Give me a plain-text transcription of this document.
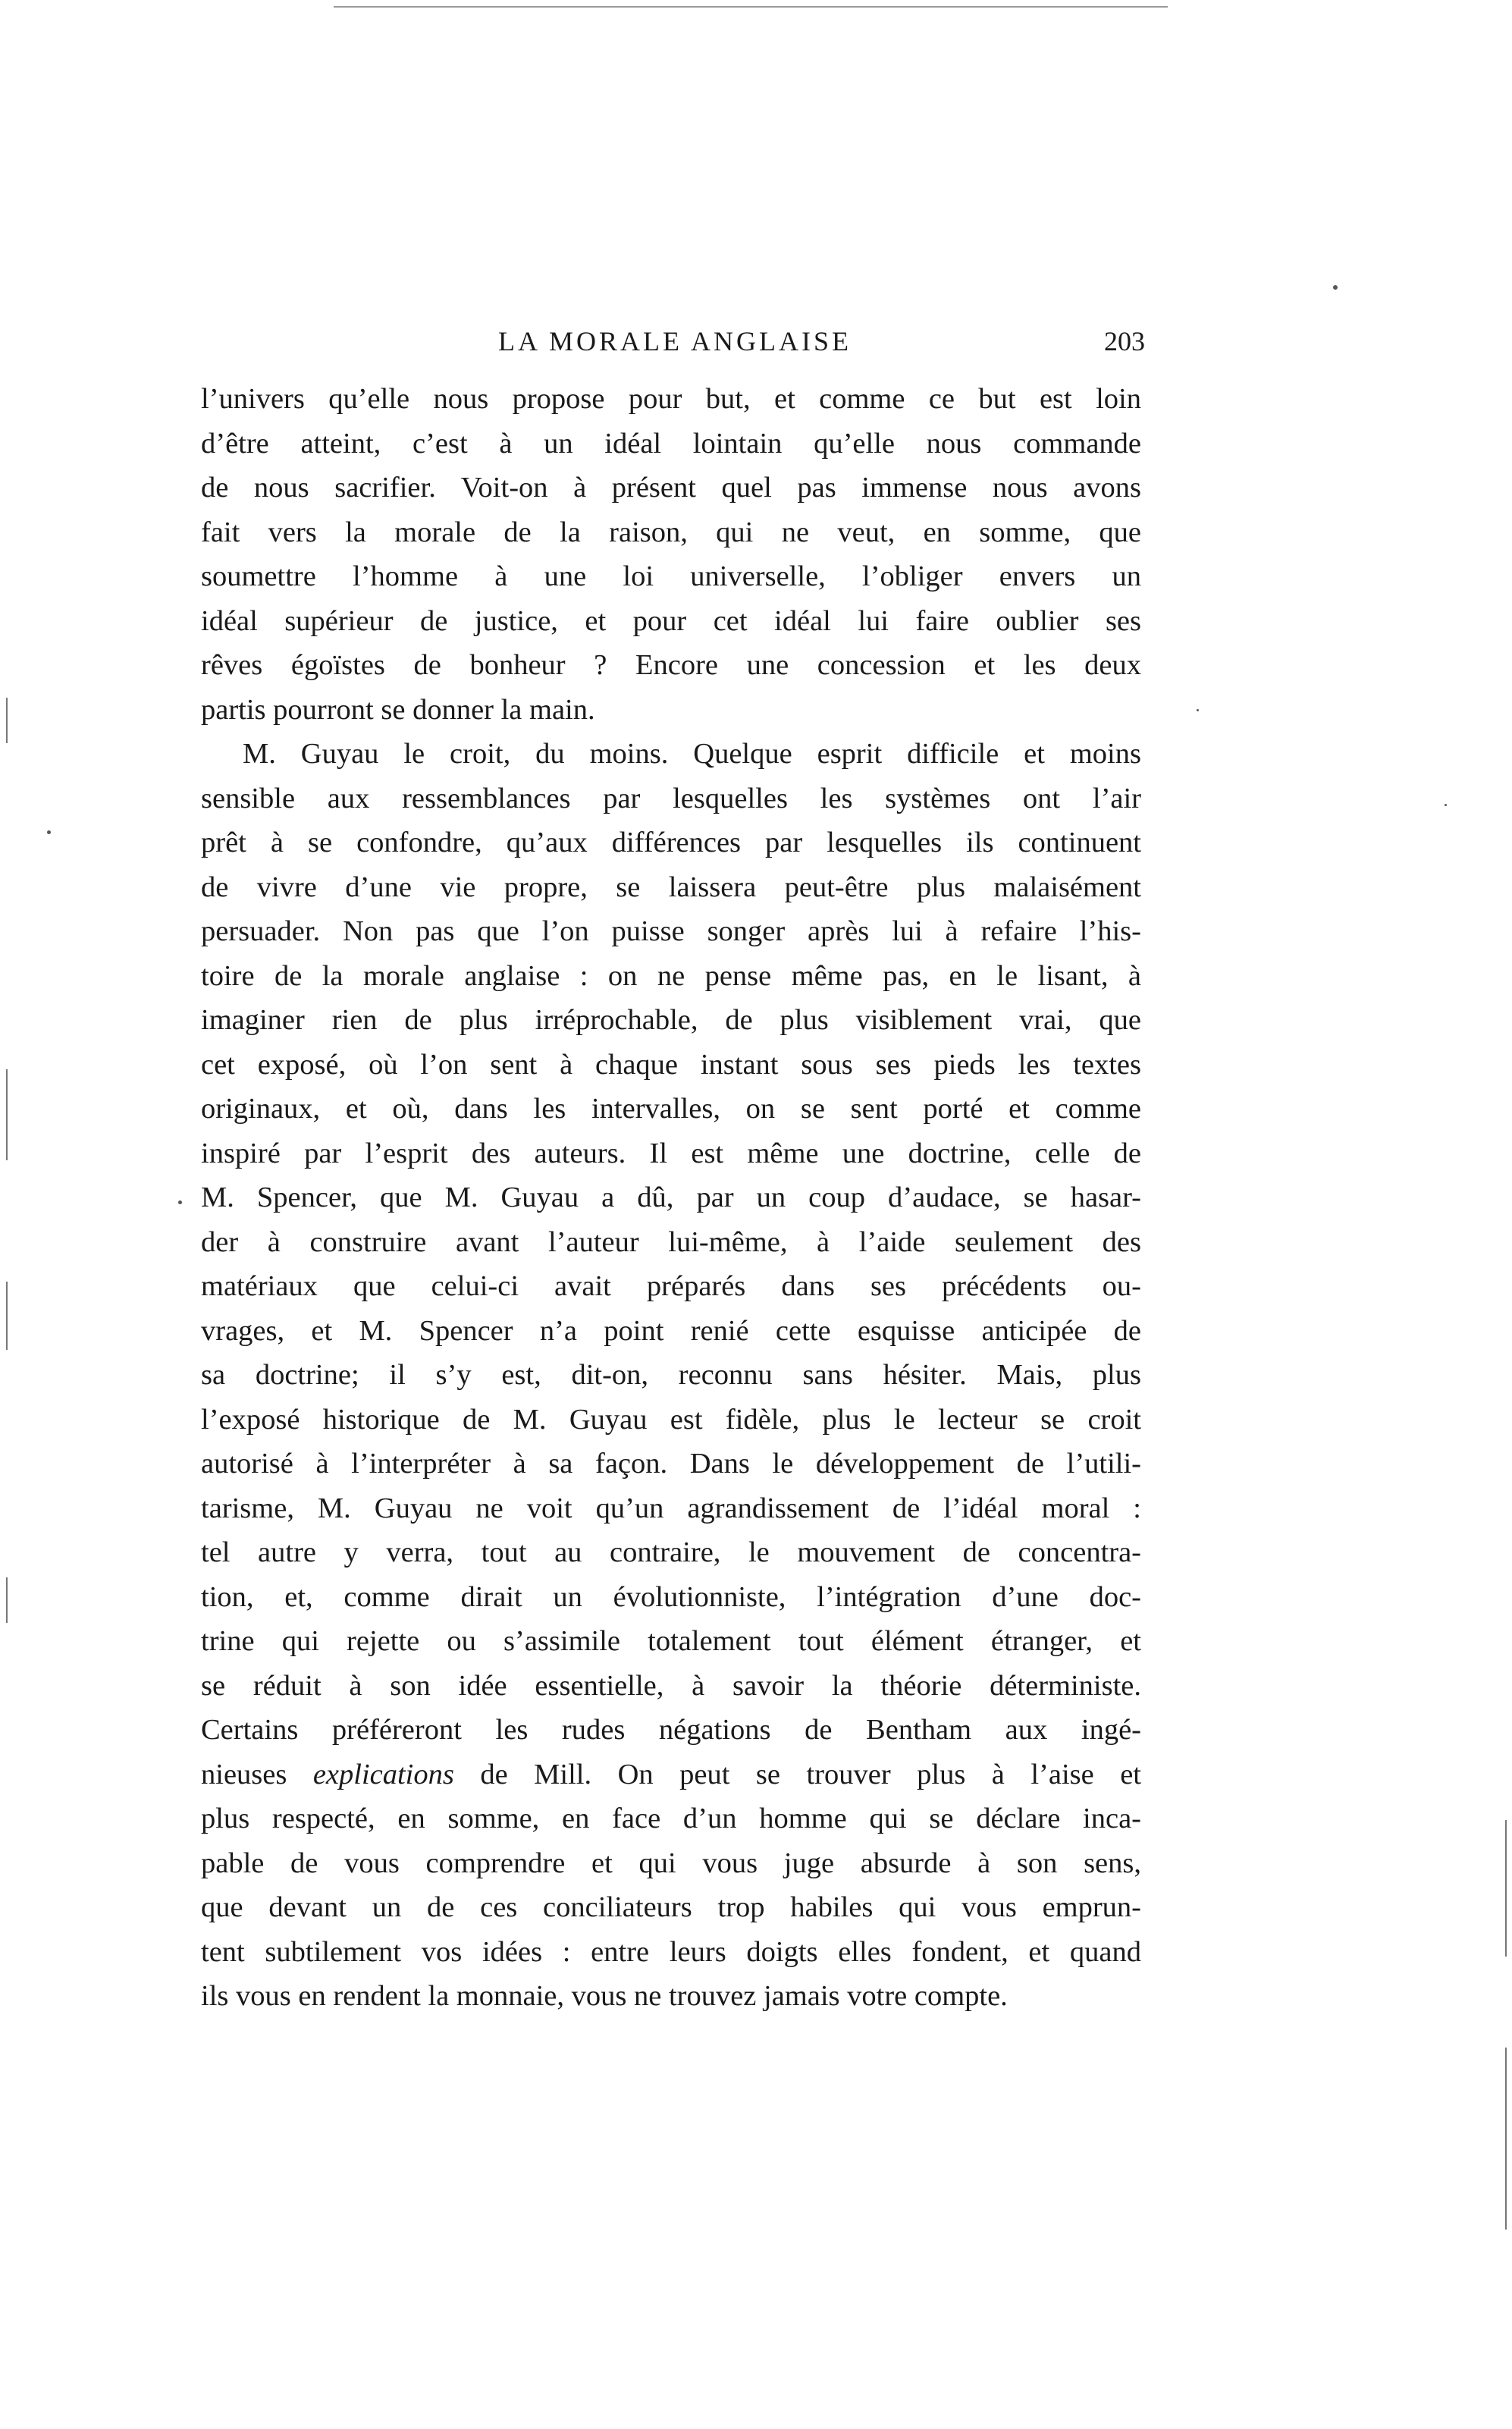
LA MORALE ANGLAISE	203
l’univers qu’elle nous propose pour but, et comme ce but est loin
d’être atteint, c’est à un idéal lointain qu’elle nous commande
de nous sacrifier. Voit-on à présent quel pas immense nous avons
fait vers la morale de la raison, qui ne veut, en somme, que
soumettre l’homme à une loi universelle, l’obliger envers un
idéal supérieur de justice, et pour cet idéal lui faire oublier ses
rêves égoïstes de bonheur ? Encore une concession et les deux
partis pourront se donner la main.
M. Guyau le croit, du moins. Quelque esprit difficile et moins
sensible aux ressemblances par lesquelles les systèmes ont l’air
prêt à se confondre, qu’aux différences par lesquelles ils continuent
de vivre d’une vie propre, se laissera peut-être plus malaisément
persuader. Non pas que l’on puisse songer après lui à refaire l’his-
toire de la morale anglaise : on ne pense même pas, en le lisant, à
imaginer rien de plus irréprochable, de plus visiblement vrai, que
cet exposé, où l’on sent à chaque instant sous ses pieds les textes
originaux, et où, dans les intervalles, on se sent porté et comme
inspiré par l’esprit des auteurs. Il est même une doctrine, celle de
M. Spencer, que M. Guyau a dû, par un coup d’audace, se hasar-
der à construire avant l’auteur lui-même, à l’aide seulement des
matériaux que celui-ci avait préparés dans ses précédents ou-
vrages, et M. Spencer n’a point renié cette esquisse anticipée de
sa doctrine; il s’y est, dit-on, reconnu sans hésiter. Mais, plus
l’exposé historique de M. Guyau est fidèle, plus le lecteur se croit
autorisé à l’interpréter à sa façon. Dans le développement de l’utili-
tarisme, M. Guyau ne voit qu’un agrandissement de l’idéal moral :
tel autre y verra, tout au contraire, le mouvement de concentra-
tion, et, comme dirait un évolutionniste, l’intégration d’une doc-
trine qui rejette ou s’assimile totalement tout élément étranger, et
se réduit à son idée essentielle, à savoir la théorie déterministe.
Certains préféreront les rudes négations de Bentham aux ingé-
nieuses explications de Mill. On peut se trouver plus à l’aise et
plus respecté, en somme, en face d’un homme qui se déclare inca-
pable de vous comprendre et qui vous juge absurde à son sens,
que devant un de ces conciliateurs trop habiles qui vous emprun-
tent subtilement vos idées : entre leurs doigts elles fondent, et quand
ils vous en rendent la monnaie, vous ne trouvez jamais votre compte.
